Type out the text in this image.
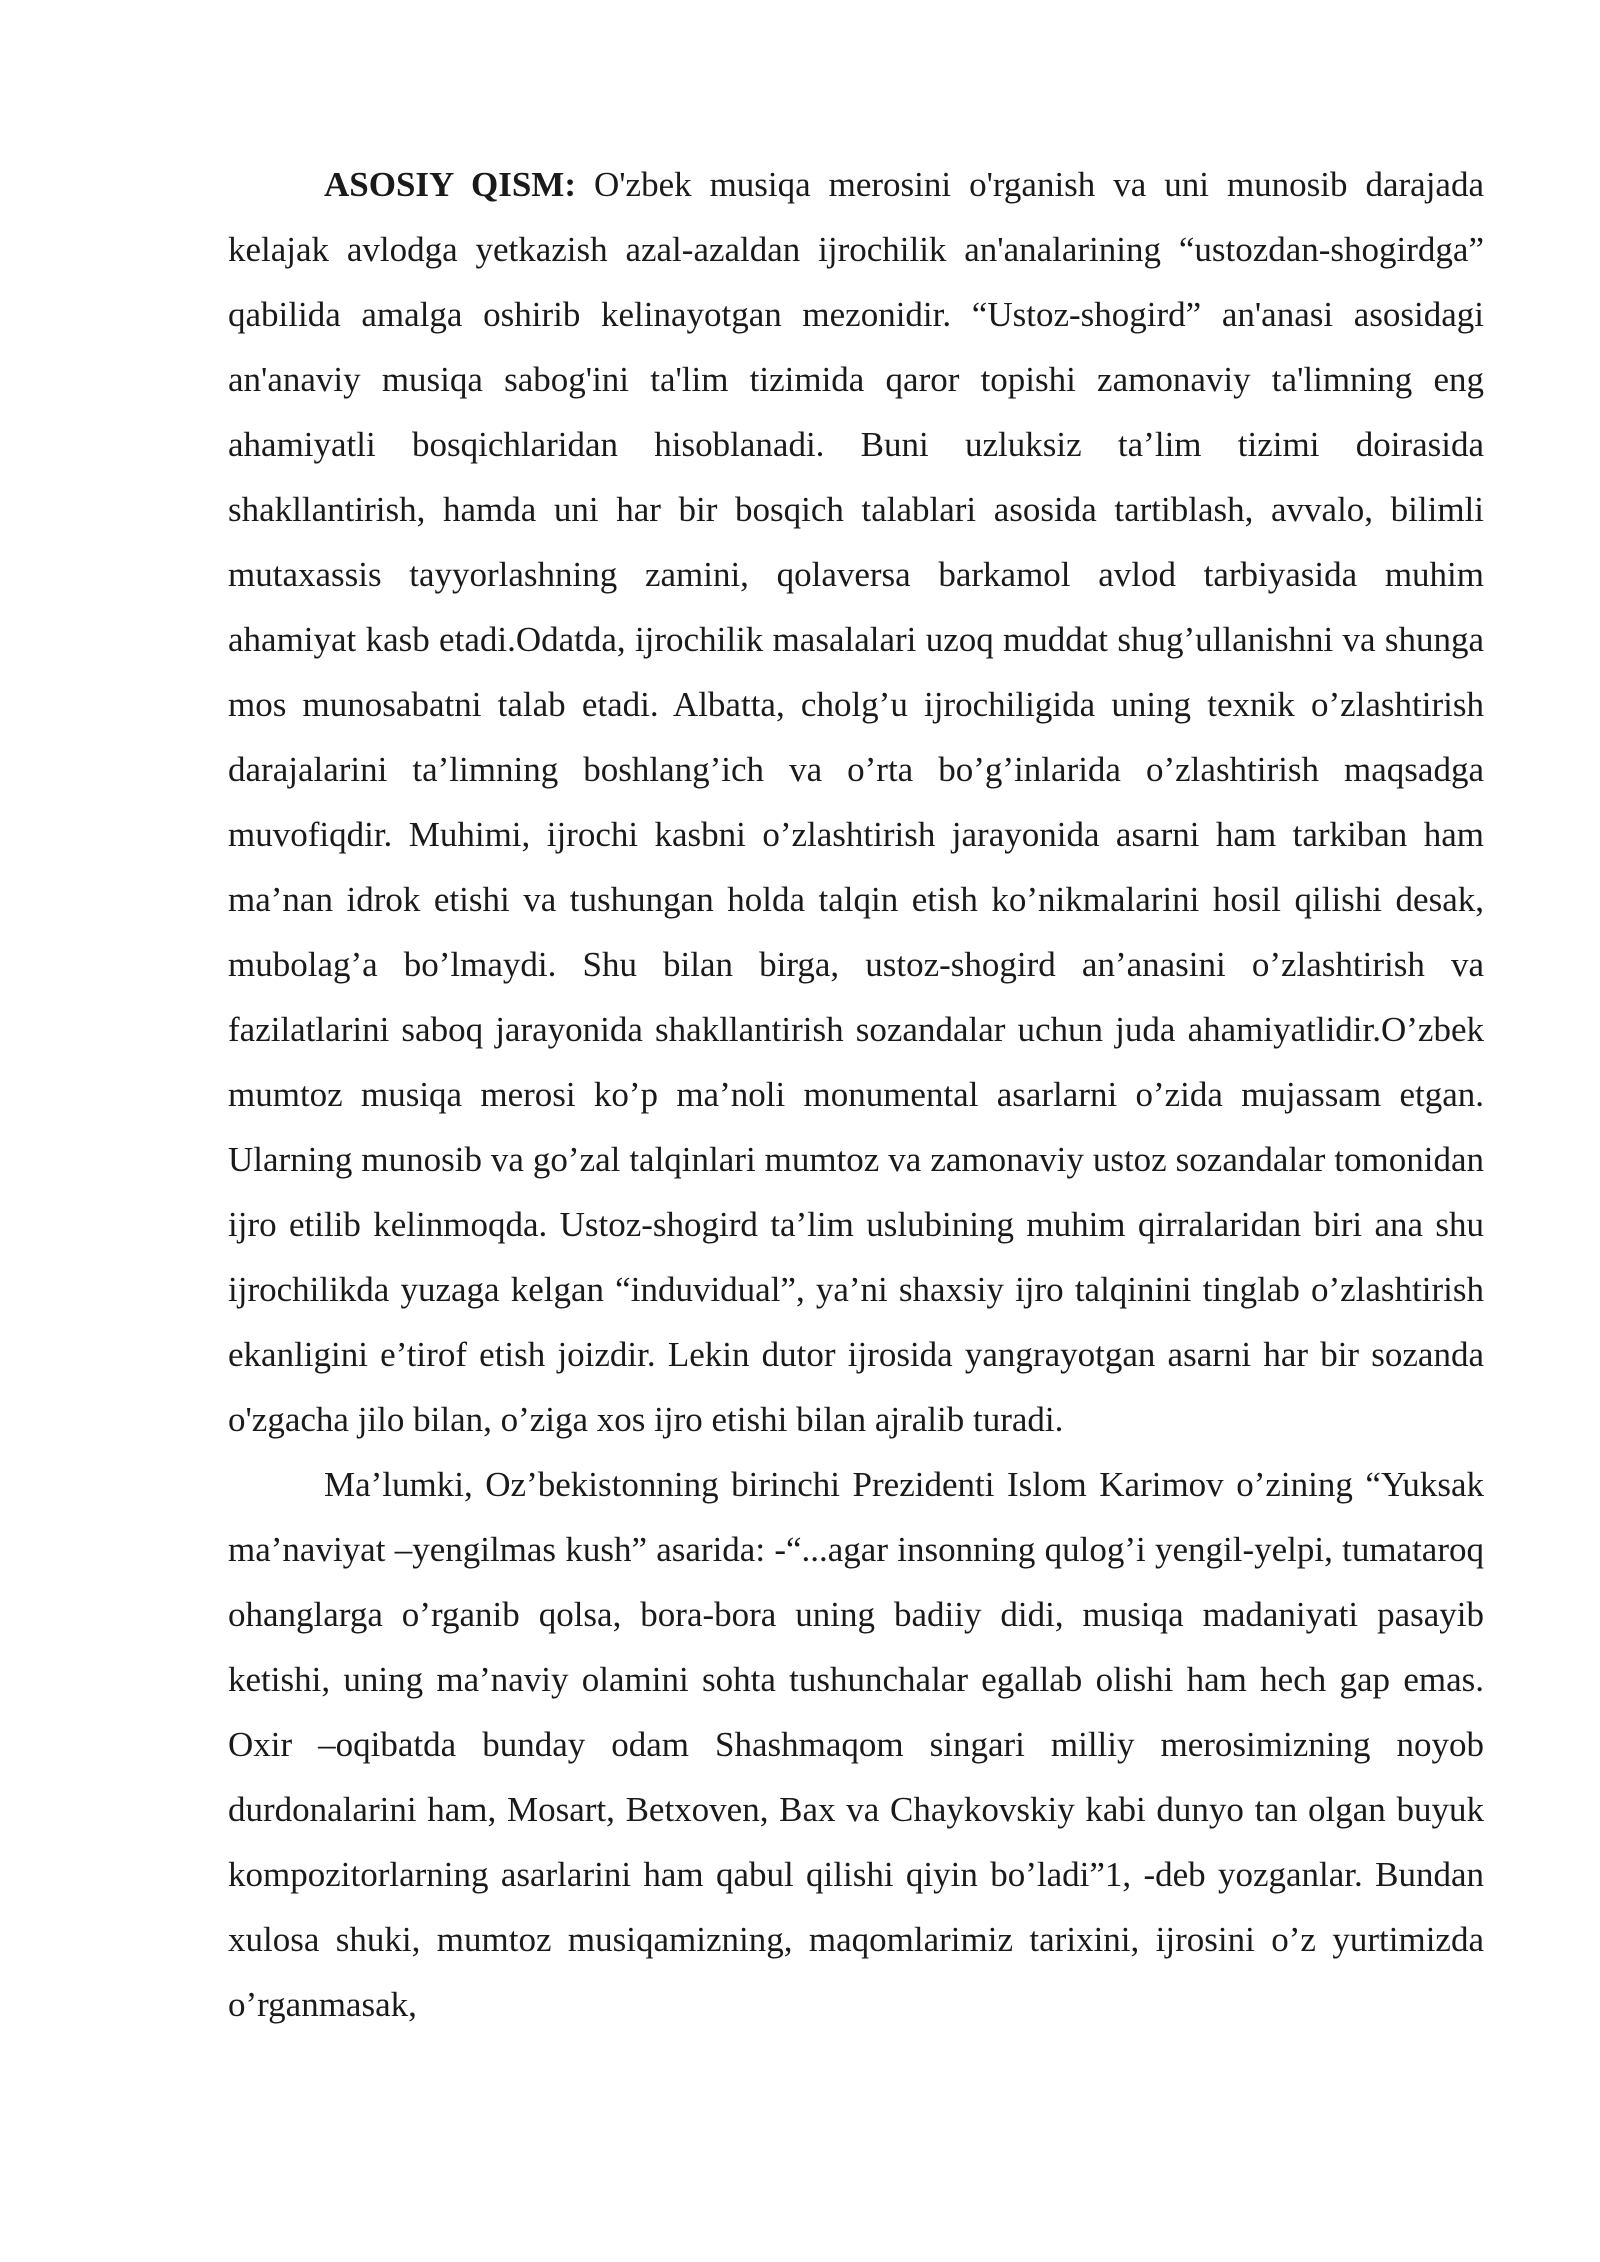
ASOSIY QISM: O'zbek musiqa merosini o'rganish va uni munosib darajada kelajak avlodga yetkazish azal-azaldan ijrochilik an'analarining “ustozdan-shogirdga” qabilida amalga oshirib kelinayotgan mezonidir. “Ustoz-shogird” an'anasi asosidagi an'anaviy musiqa sabog'ini ta'lim tizimida qaror topishi zamonaviy ta'limning eng ahamiyatli bosqichlaridan hisoblanadi. Buni uzluksiz ta’lim tizimi doirasida shakllantirish, hamda uni har bir bosqich talablari asosida tartiblash, avvalo, bilimli mutaxassis tayyorlashning zamini, qolaversa barkamol avlod tarbiyasida muhim ahamiyat kasb etadi.Odatda, ijrochilik masalalari uzoq muddat shug’ullanishni va shunga mos munosabatni talab etadi. Albatta, cholg’u ijrochiligida uning texnik o’zlashtirish darajalarini ta’limning boshlang’ich va o’rta bo’g’inlarida o’zlashtirish maqsadga muvofiqdir. Muhimi, ijrochi kasbni o’zlashtirish jarayonida asarni ham tarkiban ham ma’nan idrok etishi va tushungan holda talqin etish ko’nikmalarini hosil qilishi desak, mubolag’a bo’lmaydi. Shu bilan birga, ustoz-shogird an’anasini o’zlashtirish va fazilatlarini saboq jarayonida shakllantirish sozandalar uchun juda ahamiyatlidir.O’zbek mumtoz musiqa merosi ko’p ma’noli monumental asarlarni o’zida mujassam etgan. Ularning munosib va go’zal talqinlari mumtoz va zamonaviy ustoz sozandalar tomonidan ijro etilib kelinmoqda. Ustoz-shogird ta’lim uslubining muhim qirralaridan biri ana shu ijrochilikda yuzaga kelgan “induvidual”, ya’ni shaxsiy ijro talqinini tinglab o’zlashtirish ekanligini e’tirof etish joizdir. Lekin dutor ijrosida yangrayotgan asarni har bir sozanda o'zgacha jilo bilan, o’ziga xos ijro etishi bilan ajralib turadi.

Ma’lumki, Oz’bekistonning birinchi Prezidenti Islom Karimov o’zining “Yuksak ma’naviyat –yengilmas kush” asarida: -“...agar insonning qulog’i yengil-yelpi, tumataroq ohanglarga o’rganib qolsa, bora-bora uning badiiy didi, musiqa madaniyati pasayib ketishi, uning ma’naviy olamini sohta tushunchalar egallab olishi ham hech gap emas. Oxir –oqibatda bunday odam Shashmaqom singari milliy merosimizning noyob durdonalarini ham, Mosart, Betxoven, Bax va Chaykovskiy kabi dunyo tan olgan buyuk kompozitorlarning asarlarini ham qabul qilishi qiyin bo’ladi”1, -deb yozganlar. Bundan xulosa shuki, mumtoz musiqamizning, maqomlarimiz tarixini, ijrosini o’z yurtimizda o’rganmasak,
